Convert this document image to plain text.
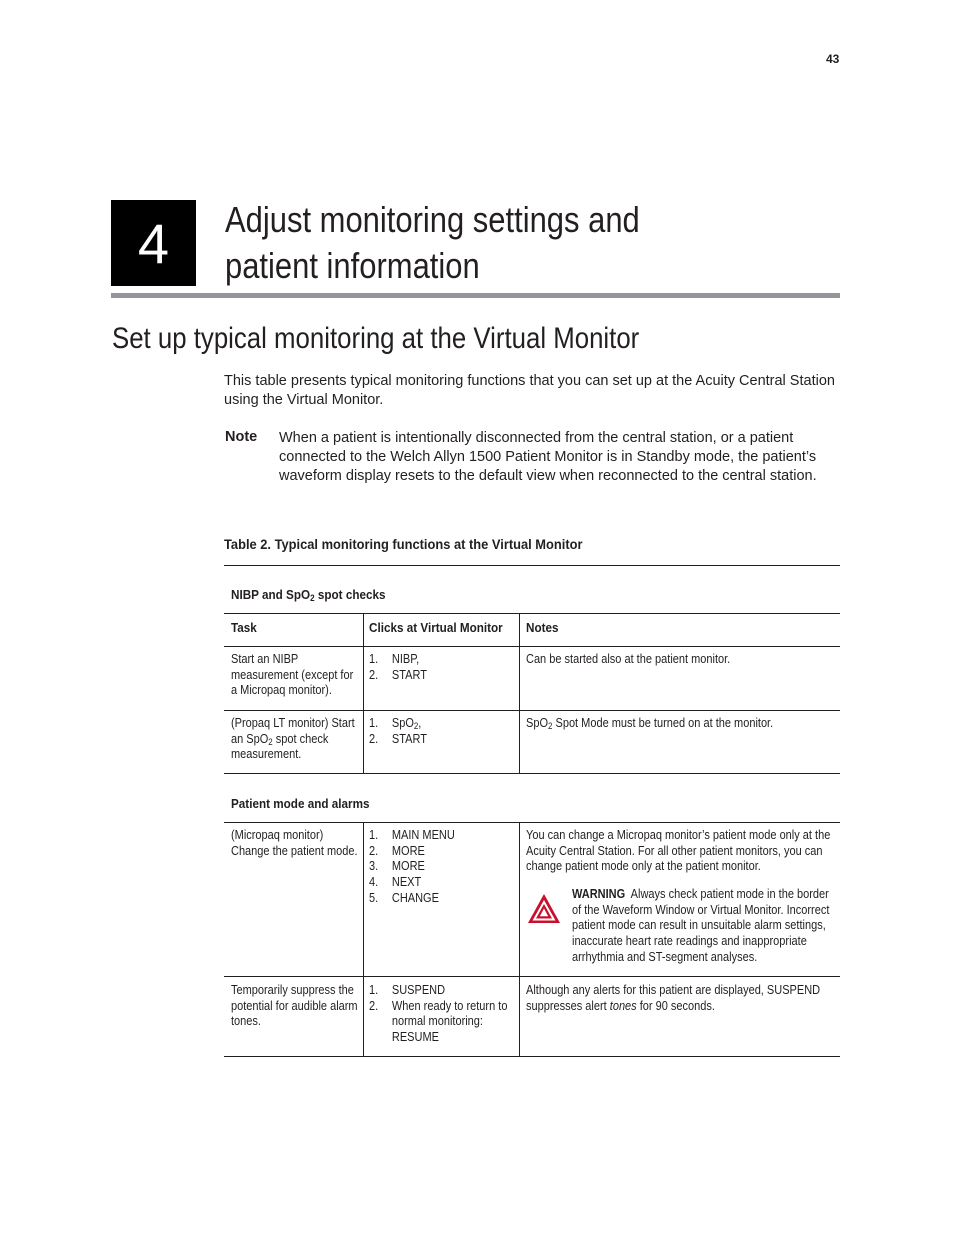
43
4 Adjust monitoring settings and
patient information
Set up typical monitoring at the Virtual Monitor
This table presents typical monitoring functions that you can set up at the Acuity Central Station using the Virtual Monitor.
Note When a patient is intentionally disconnected from the central station, or a patient connected to the Welch Allyn 1500 Patient Monitor is in Standby mode, the patient’s waveform display resets to the default view when reconnected to the central station.
Table 2. Typical monitoring functions at the Virtual Monitor
NIBP and SpO$_2$ spot checks
Task	Clicks at Virtual Monitor Notes
Start an NIBP measurement (except for a Micropaq monitor).
1. NIBP,
2. START
Can be started also at the patient monitor.
(Propaq LT monitor) Start an SpO$_2$ spot check measurement.
1. SpO$_2$,
2. START
SpO$_2$ Spot Mode must be turned on at the monitor.
Patient mode and alarms
(Micropaq monitor) Change the patient mode.
1. MAIN MENU
2. MORE
3. MORE
4. NEXT
5. CHANGE
You can change a Micropaq monitor’s patient mode only at the Acuity Central Station. For all other patient monitors, you can change patient mode only at the patient monitor.
WARNING Always check patient mode in the border of the Waveform Window or Virtual Monitor. Incorrect patient mode can result in unsuitable alarm settings, inaccurate heart rate readings and inappropriate arrhythmia and ST-segment analyses.
Temporarily suppress the potential for audible alarm tones.
1. SUSPEND
2. When ready to return to normal monitoring: RESUME
Although any alerts for this patient are displayed, SUSPEND suppresses alert tones for 90 seconds.
